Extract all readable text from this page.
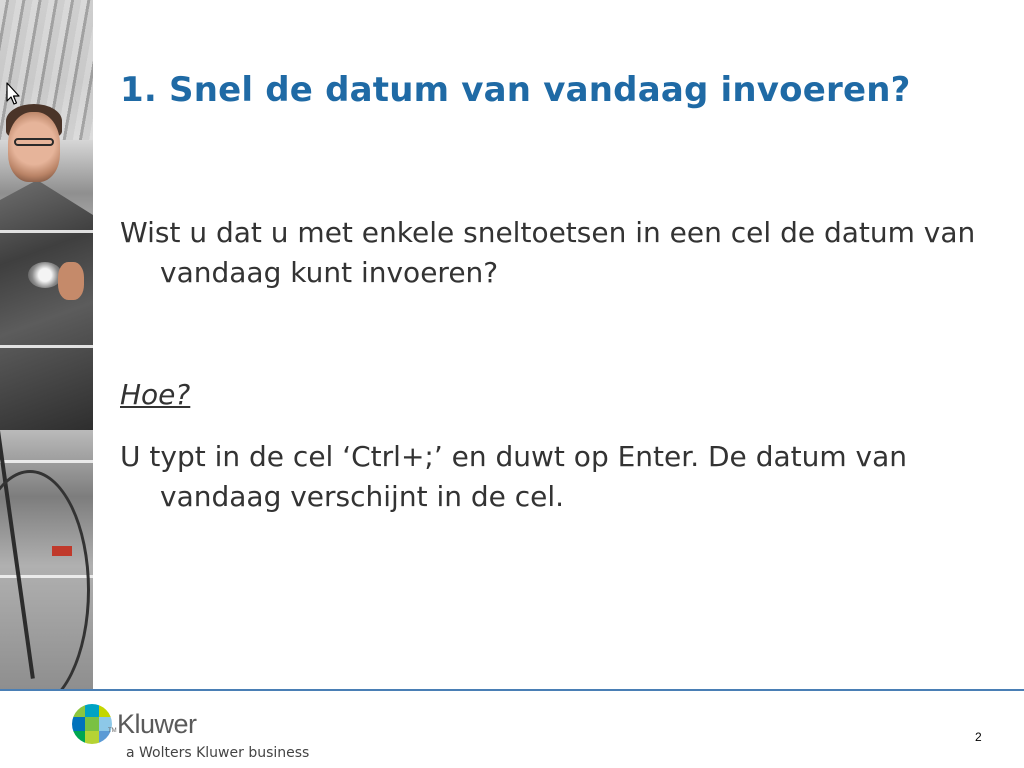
1. Snel de datum van vandaag invoeren?

Wist u dat u met enkele sneltoetsen in een cel de datum van vandaag kunt invoeren?

Hoe?

U typt in de cel ‘Ctrl+;’ en duwt op Enter. De datum van vandaag verschijnt in de cel.

TM Kluwer
a Wolters Kluwer business
2
